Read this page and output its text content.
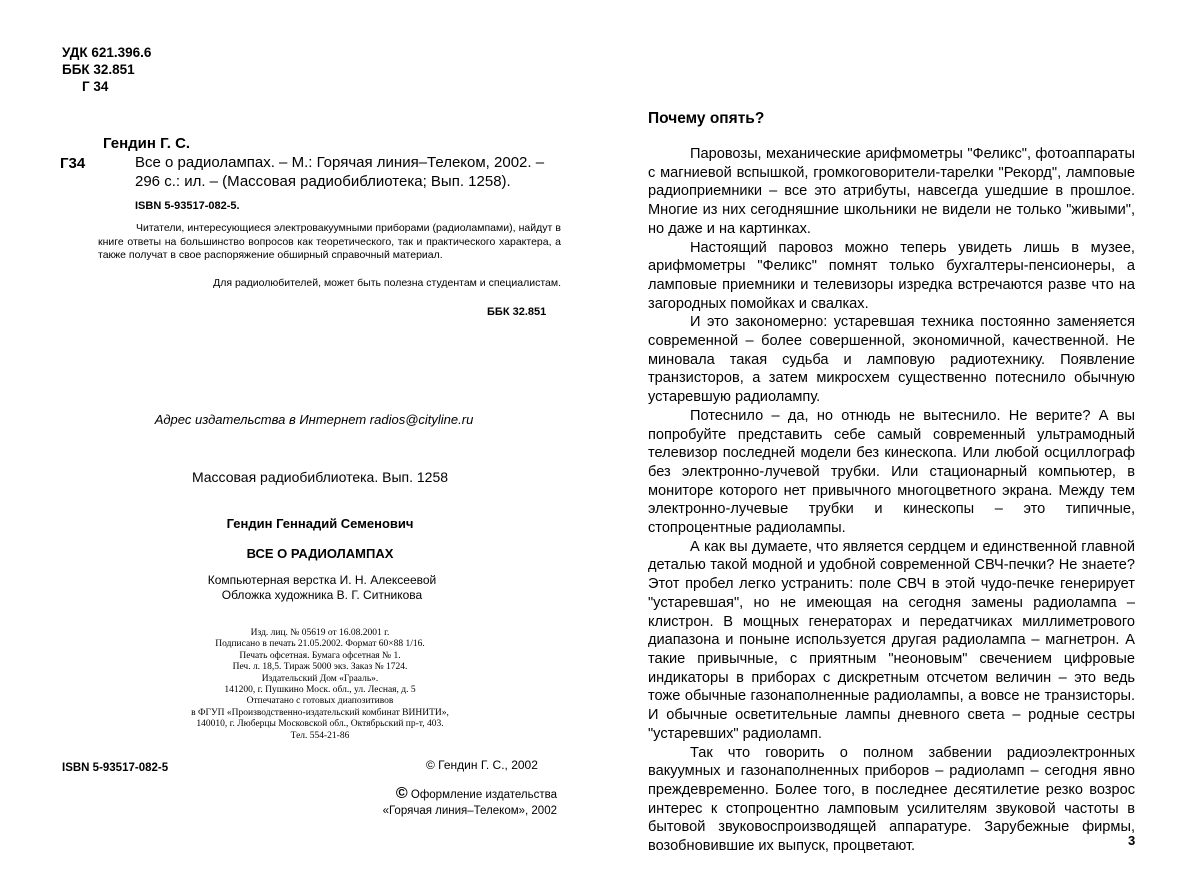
УДК 621.396.6
ББК 32.851
Г 34
Гендин Г. С.
Г34	Все о радиолампах. – М.: Горячая линия–Телеком, 2002. – 296 с.: ил. – (Массовая радиобиблиотека; Вып. 1258).
ISBN 5-93517-082-5.
Читатели, интересующиеся электровакуумными приборами (радиолампами), найдут в книге ответы на большинство вопросов как теоретического, так и практического характера, а также получат в свое распоряжение обширный справочный материал.
Для радиолюбителей, может быть полезна студентам и специалистам.
ББК 32.851
Адрес издательства в Интернет radios@cityline.ru
Массовая радиобиблиотека. Вып. 1258
Гендин Геннадий Семенович
ВСЕ О РАДИОЛАМПАХ
Компьютерная верстка И. Н. Алексеевой
Обложка художника В. Г. Ситникова
Изд. лиц. № 05619 от 16.08.2001 г.
Подписано в печать 21.05.2002. Формат 60×88 1/16.
Печать офсетная. Бумага офсетная № 1.
Печ. л. 18,5. Тираж 5000 экз. Заказ № 1724.
Издательский Дом «Грааль».
141200, г. Пушкино Моск. обл., ул. Лесная, д. 5
Отпечатано с готовых диапозитивов
в ФГУП «Производственно-издательский комбинат ВИНИТИ»,
140010, г. Люберцы Московской обл., Октябрьский пр-т, 403.
Тел. 554-21-86
ISBN 5-93517-082-5	© Гендин Г. С., 2002
© Оформление издательства
«Горячая линия–Телеком», 2002
Почему опять?

Паровозы, механические арифмометры "Феликс", фотоаппараты с магниевой вспышкой, громкоговорители-тарелки "Рекорд", ламповые радиоприемники – все это атрибуты, навсегда ушедшие в прошлое. Многие из них сегодняшние школьники не видели не только "живыми", но даже и на картинках.

Настоящий паровоз можно теперь увидеть лишь в музее, арифмометры "Феликс" помнят только бухгалтеры-пенсионеры, а ламповые приемники и телевизоры изредка встречаются разве что на загородных помойках и свалках.

И это закономерно: устаревшая техника постоянно заменяется современной – более совершенной, экономичной, качественной. Не миновала такая судьба и ламповую радиотехнику. Появление транзисторов, а затем микросхем существенно потеснило обычную устаревшую радиолампу.

Потеснило – да, но отнюдь не вытеснило. Не верите? А вы попробуйте представить себе самый современный ультрамодный телевизор последней модели без кинескопа. Или любой осциллограф без электронно-лучевой трубки. Или стационарный компьютер, в мониторе которого нет привычного многоцветного экрана. Между тем электронно-лучевые трубки и кинескопы – это типичные, стопроцентные радиолампы.

А как вы думаете, что является сердцем и единственной главной деталью такой модной и удобной современной СВЧ-печки? Не знаете? Этот пробел легко устранить: поле СВЧ в этой чудо-печке генерирует "устаревшая", но не имеющая на сегодня замены радиолампа – клистрон. В мощных генераторах и передатчиках миллиметрового диапазона и поныне используется другая радиолампа – магнетрон. А такие привычные, с приятным "неоновым" свечением цифровые индикаторы в приборах с дискретным отсчетом величин – это ведь тоже обычные газонаполненные радиолампы, а вовсе не транзисторы. И обычные осветительные лампы дневного света – родные сестры "устаревших" радиоламп.

Так что говорить о полном забвении радиоэлектронных вакуумных и газонаполненных приборов – радиоламп – сегодня явно преждевременно. Более того, в последнее десятилетие резко возрос интерес к стопроцентно ламповым усилителям звуковой частоты в бытовой звуковоспроизводящей аппаратуре. Зарубежные фирмы, возобновившие их выпуск, процветают.	3
